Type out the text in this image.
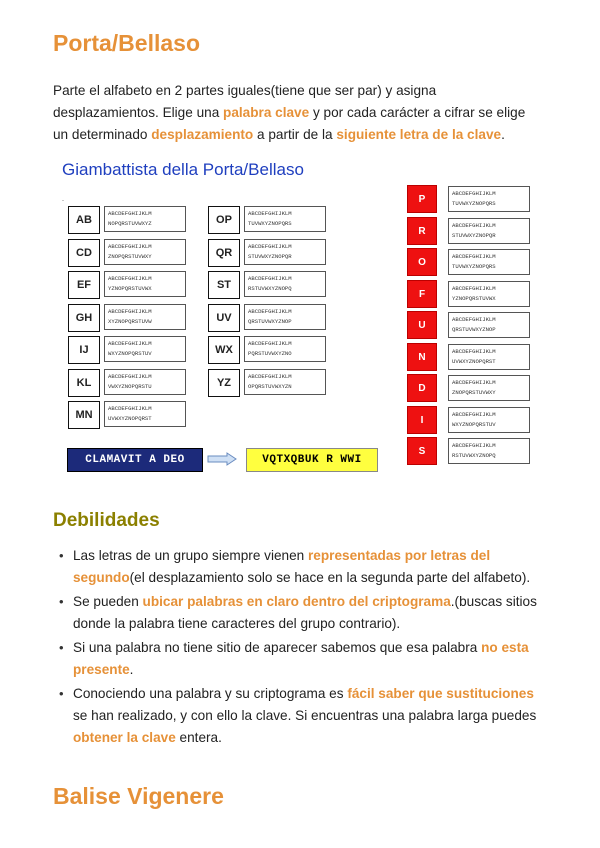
Porta/Bellaso

Parte el alfabeto en 2 partes iguales(tiene que ser par) y asigna desplazamientos. Elige una palabra clave y por cada carácter a cifrar se elige un determinado desplazamiento a partir de la siguiente letra de la clave.

Giambattista della Porta/Bellaso
AB
ABCDEFGHIJKLM
NOPQRSTUVWXYZ
CD
ABCDEFGHIJKLM
ZNOPQRSTUVWXY
EF
ABCDEFGHIJKLM
YZNOPQRSTUVWX
GH
ABCDEFGHIJKLM
XYZNOPQRSTUVW
IJ
ABCDEFGHIJKLM
WXYZNOPQRSTUV
KL
ABCDEFGHIJKLM
VWXYZNOPQRSTU
MN
ABCDEFGHIJKLM
UVWXYZNOPQRST
OP
ABCDEFGHIJKLM
TUVWXYZNOPQRS
QR
ABCDEFGHIJKLM
STUVWXYZNOPQR
ST
ABCDEFGHIJKLM
RSTUVWXYZNOPQ
UV
ABCDEFGHIJKLM
QRSTUVWXYZNOP
WX
ABCDEFGHIJKLM
PQRSTUVWXYZNO
YZ
ABCDEFGHIJKLM
OPQRSTUVWXYZN
CLAMAVIT A DEO	VQTXQBUK R WWI
P
ABCDEFGHIJKLM
TUVWXYZNOPQRS
R
ABCDEFGHIJKLM
STUVWXYZNOPQR
O
ABCDEFGHIJKLM
TUVWXYZNOPQRS
F
ABCDEFGHIJKLM
YZNOPQRSTUVWX
U
ABCDEFGHIJKLM
QRSTUVWXYZNOP
N
ABCDEFGHIJKLM
UVWXYZNOPQRST
D
ABCDEFGHIJKLM
ZNOPQRSTUVWXY
I
ABCDEFGHIJKLM
WXYZNOPQRSTUV
S
ABCDEFGHIJKLM
RSTUVWXYZNOPQ
Debilidades
• Las letras de un grupo siempre vienen representadas por letras del segundo(el desplazamiento solo se hace en la segunda parte del alfabeto).
• Se pueden ubicar palabras en claro dentro del criptograma.(buscas sitios donde la palabra tiene caracteres del grupo contrario).
• Si una palabra no tiene sitio de aparecer sabemos que esa palabra no esta presente.
• Conociendo una palabra y su criptograma es fácil saber que sustituciones se han realizado, y con ello la clave. Si encuentras una palabra larga puedes obtener la clave entera.
Balise Vigenere
